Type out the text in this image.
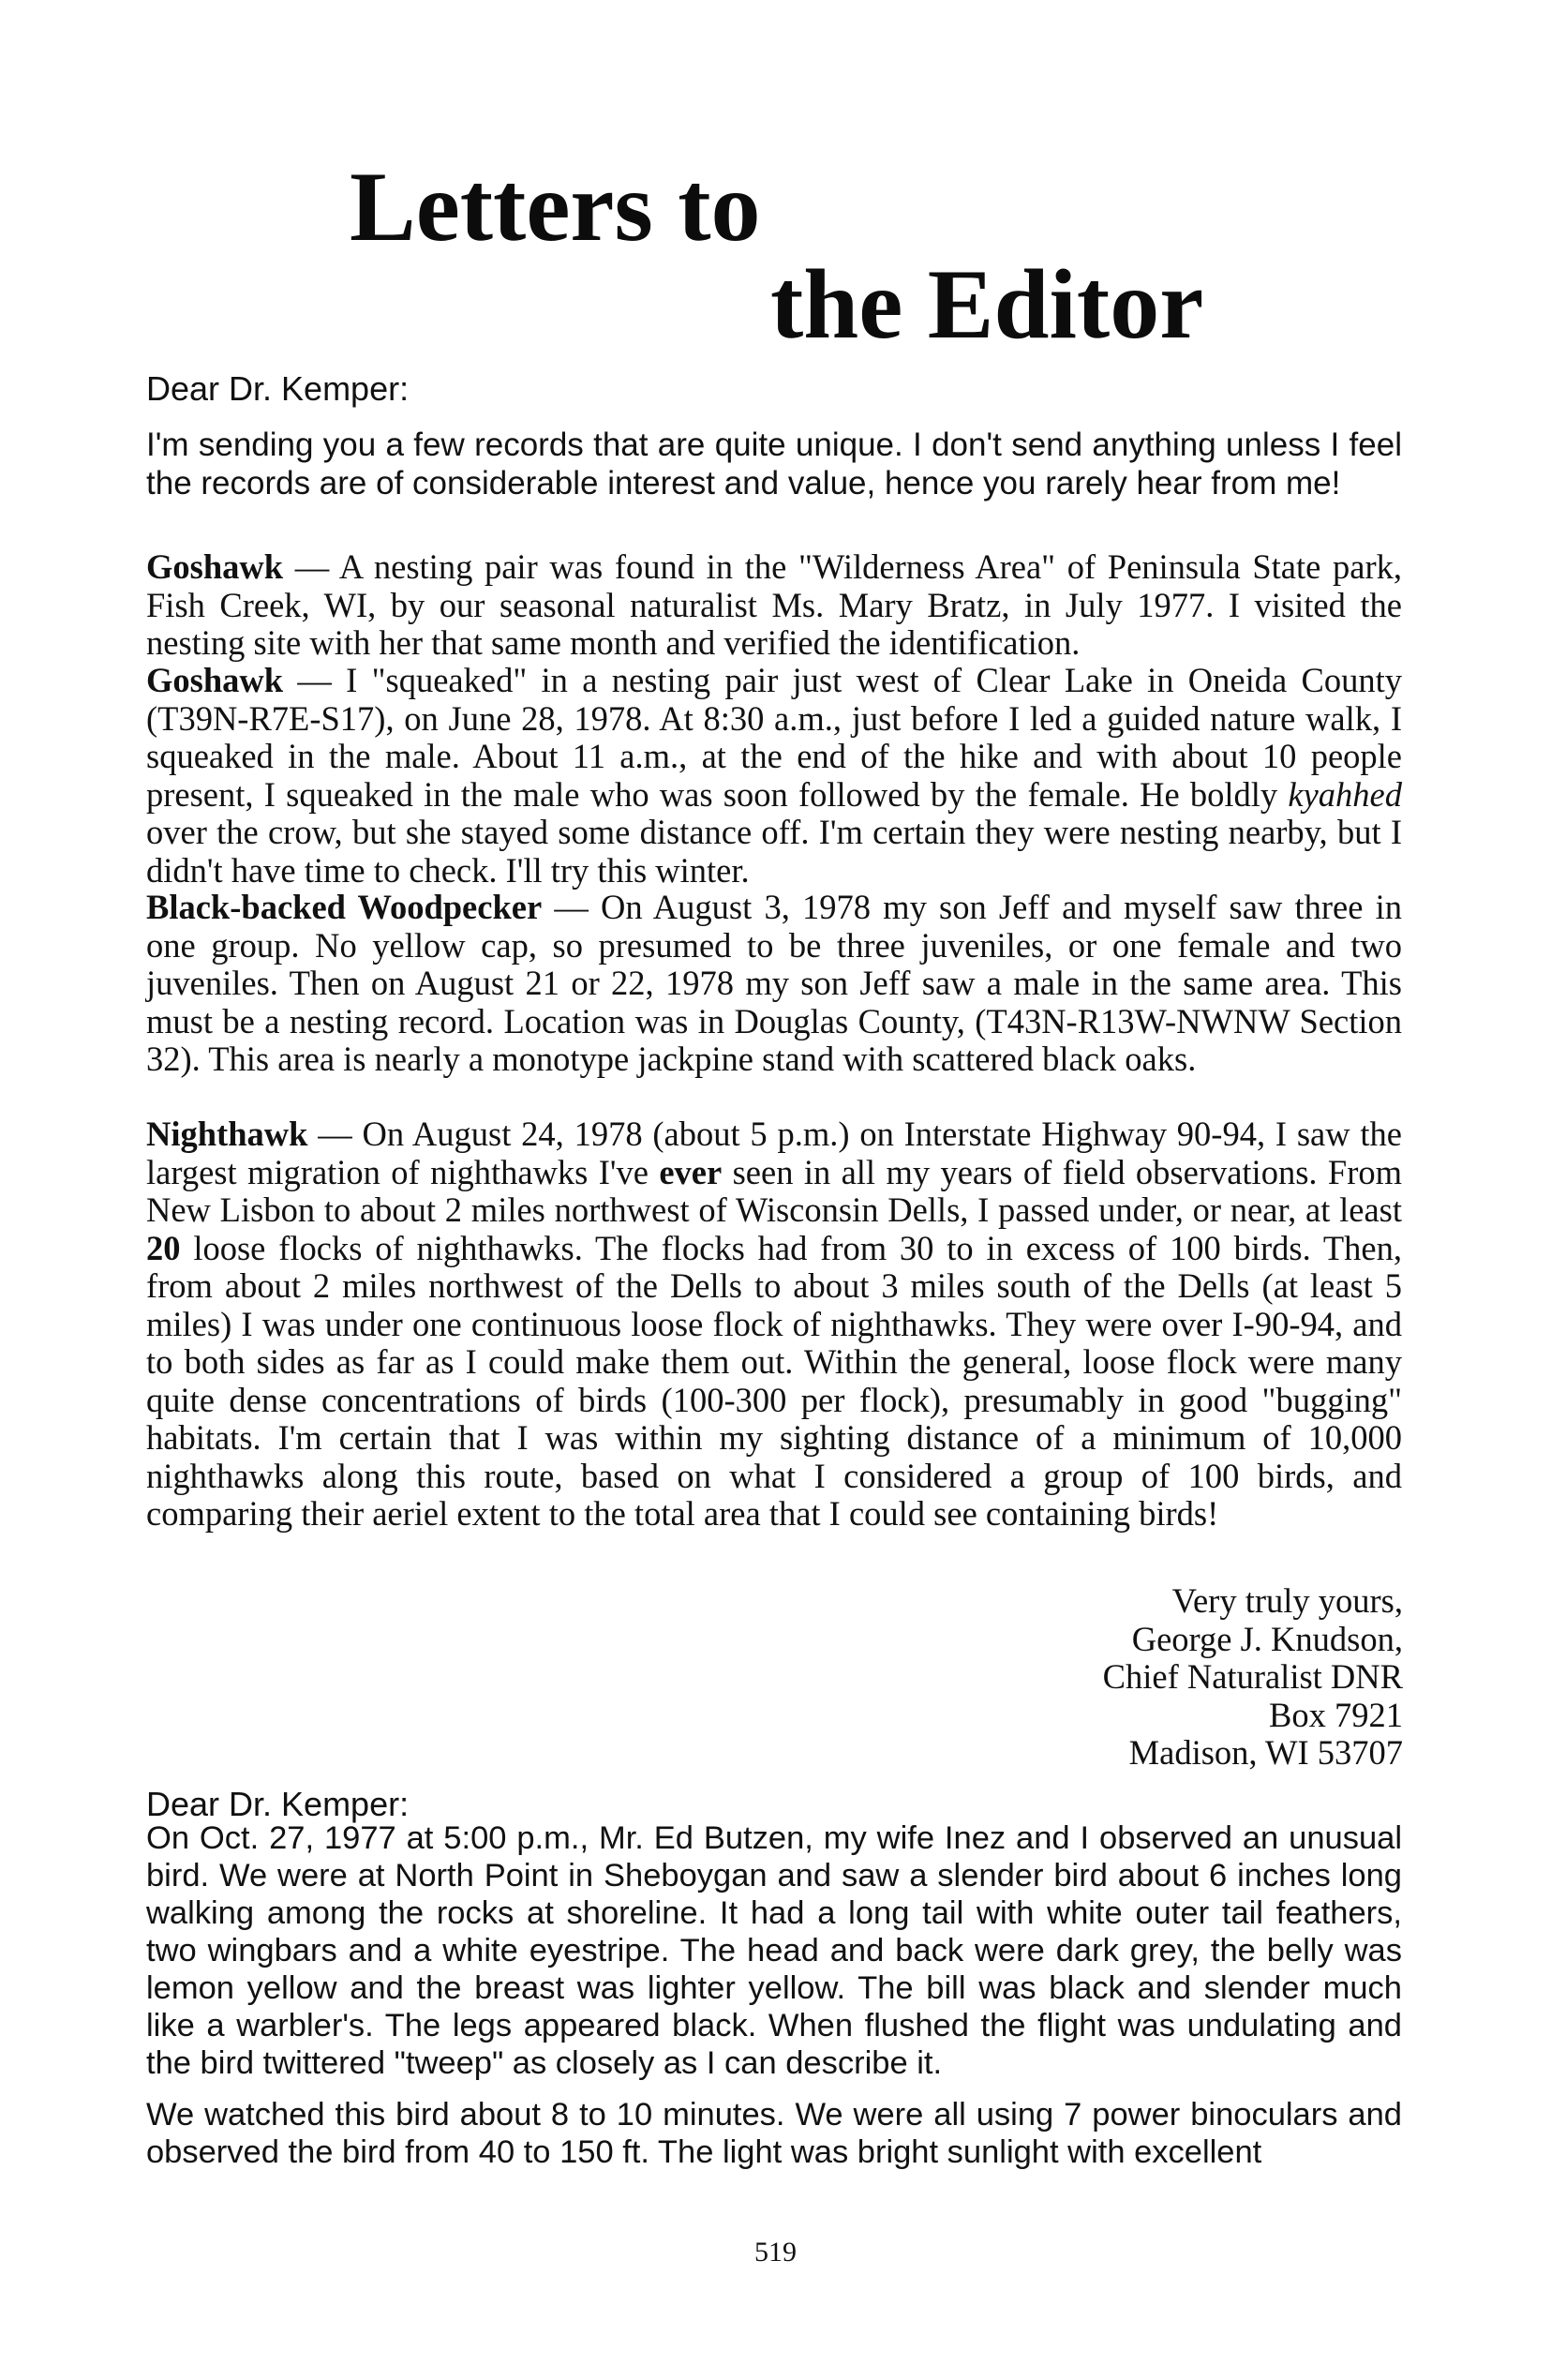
Letters to
the Editor
Dear Dr. Kemper:

I'm sending you a few records that are quite unique. I don't send anything unless I feel the records are of considerable interest and value, hence you rarely hear from me!

Goshawk — A nesting pair was found in the "Wilderness Area" of Peninsula State park, Fish Creek, WI, by our seasonal naturalist Ms. Mary Bratz, in July 1977. I visited the nesting site with her that same month and verified the identification.

Goshawk — I "squeaked" in a nesting pair just west of Clear Lake in Oneida County (T39N-R7E-S17), on June 28, 1978. At 8:30 a.m., just before I led a guided nature walk, I squeaked in the male. About 11 a.m., at the end of the hike and with about 10 people present, I squeaked in the male who was soon followed by the female. He boldly kyahhed over the crow, but she stayed some distance off. I'm certain they were nesting nearby, but I didn't have time to check. I'll try this winter.

Black-backed Woodpecker — On August 3, 1978 my son Jeff and myself saw three in one group. No yellow cap, so presumed to be three juveniles, or one female and two juveniles. Then on August 21 or 22, 1978 my son Jeff saw a male in the same area. This must be a nesting record. Location was in Douglas County, (T43N-R13W-NWNW Section 32). This area is nearly a monotype jackpine stand with scattered black oaks.

Nighthawk — On August 24, 1978 (about 5 p.m.) on Interstate Highway 90-94, I saw the largest migration of nighthawks I've ever seen in all my years of field observations. From New Lisbon to about 2 miles northwest of Wisconsin Dells, I passed under, or near, at least 20 loose flocks of nighthawks. The flocks had from 30 to in excess of 100 birds. Then, from about 2 miles northwest of the Dells to about 3 miles south of the Dells (at least 5 miles) I was under one continuous loose flock of nighthawks. They were over I-90-94, and to both sides as far as I could make them out. Within the general, loose flock were many quite dense concentrations of birds (100-300 per flock), presumably in good "bugging" habitats. I'm certain that I was within my sighting distance of a minimum of 10,000 nighthawks along this route, based on what I considered a group of 100 birds, and comparing their aeriel extent to the total area that I could see containing birds!

Very truly yours,
George J. Knudson,
Chief Naturalist DNR
Box 7921
Madison, WI 53707
Dear Dr. Kemper:

On Oct. 27, 1977 at 5:00 p.m., Mr. Ed Butzen, my wife Inez and I observed an unusual bird. We were at North Point in Sheboygan and saw a slender bird about 6 inches long walking among the rocks at shoreline. It had a long tail with white outer tail feathers, two wingbars and a white eyestripe. The head and back were dark grey, the belly was lemon yellow and the breast was lighter yellow. The bill was black and slender much like a warbler's. The legs appeared black. When flushed the flight was undulating and the bird twittered "tweep" as closely as I can describe it.

We watched this bird about 8 to 10 minutes. We were all using 7 power binoculars and observed the bird from 40 to 150 ft. The light was bright sunlight with excellent

519
